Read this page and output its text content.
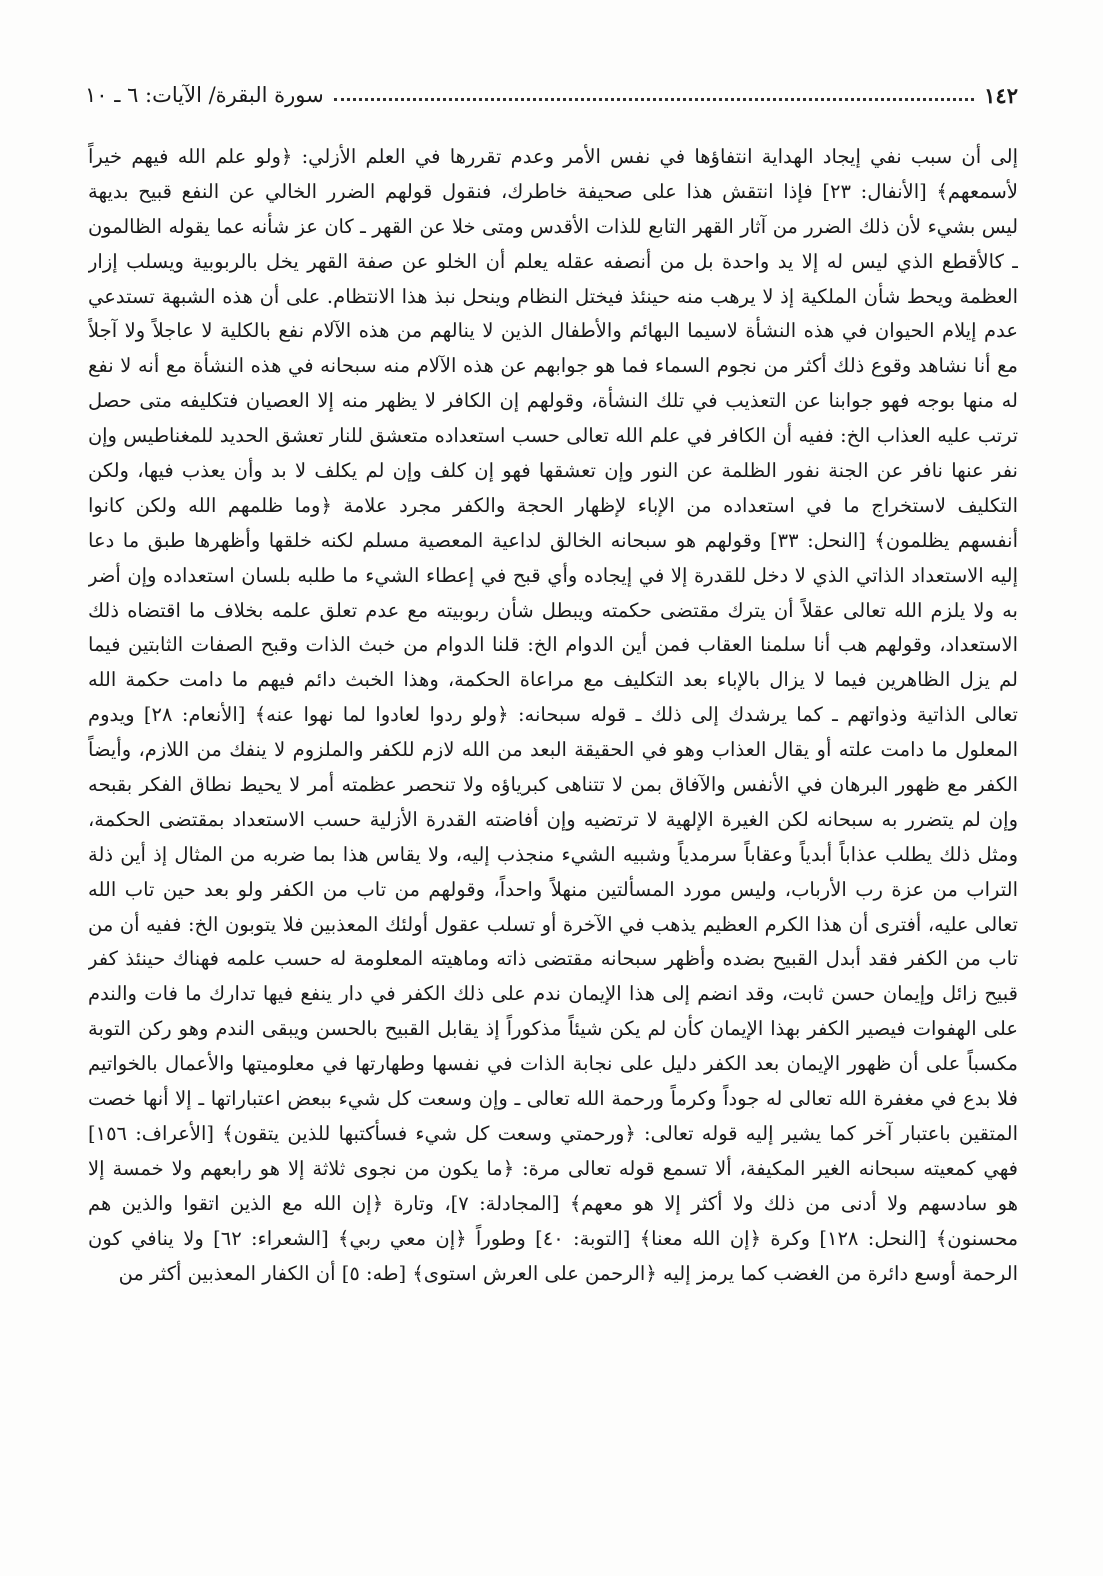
١٤٢
سورة البقرة/ الآيات: ٦ ـ ١٠
إلى أن سبب نفي إيجاد الهداية انتفاؤها في نفس الأمر وعدم تقررها في العلم الأزلي: ﴿ولو علم الله فيهم خيراً
لأسمعهم﴾ [الأنفال: ٢٣] فإذا انتقش هذا على صحيفة خاطرك، فنقول قولهم الضرر الخالي عن النفع قبيح بديهة
ليس بشيء لأن ذلك الضرر من آثار القهر التابع للذات الأقدس ومتى خلا عن القهر ـ كان عز شأنه عما يقوله الظالمون
ـ كالأقطع الذي ليس له إلا يد واحدة بل من أنصفه عقله يعلم أن الخلو عن صفة القهر يخل بالربوبية ويسلب إزار
العظمة ويحط شأن الملكية إذ لا يرهب منه حينئذ فيختل النظام وينحل نبذ هذا الانتظام. على أن هذه الشبهة تستدعي
عدم إيلام الحيوان في هذه النشأة لاسيما البهائم والأطفال الذين لا ينالهم من هذه الآلام نفع بالكلية لا عاجلاً ولا آجلاً
مع أنا نشاهد وقوع ذلك أكثر من نجوم السماء فما هو جوابهم عن هذه الآلام منه سبحانه في هذه النشأة مع أنه لا نفع
له منها بوجه فهو جوابنا عن التعذيب في تلك النشأة، وقولهم إن الكافر لا يظهر منه إلا العصيان فتكليفه متى حصل
ترتب عليه العذاب الخ: ففيه أن الكافر في علم الله تعالى حسب استعداده متعشق للنار تعشق الحديد للمغناطيس وإن
نفر عنها نافر عن الجنة نفور الظلمة عن النور وإن تعشقها فهو إن كلف وإن لم يكلف لا بد وأن يعذب فيها، ولكن
التكليف لاستخراج ما في استعداده من الإباء لإظهار الحجة والكفر مجرد علامة ﴿وما ظلمهم الله ولكن كانوا
أنفسهم يظلمون﴾ [النحل: ٣٣] وقولهم هو سبحانه الخالق لداعية المعصية مسلم لكنه خلقها وأظهرها طبق ما دعا
إليه الاستعداد الذاتي الذي لا دخل للقدرة إلا في إيجاده وأي قبح في إعطاء الشيء ما طلبه بلسان استعداده وإن أضر
به ولا يلزم الله تعالى عقلاً أن يترك مقتضى حكمته ويبطل شأن ربوبيته مع عدم تعلق علمه بخلاف ما اقتضاه ذلك
الاستعداد، وقولهم هب أنا سلمنا العقاب فمن أين الدوام الخ: قلنا الدوام من خبث الذات وقبح الصفات الثابتين فيما
لم يزل الظاهرين فيما لا يزال بالإباء بعد التكليف مع مراعاة الحكمة، وهذا الخبث دائم فيهم ما دامت حكمة الله
تعالى الذاتية وذواتهم ـ كما يرشدك إلى ذلك ـ قوله سبحانه: ﴿ولو ردوا لعادوا لما نهوا عنه﴾ [الأنعام: ٢٨] ويدوم
المعلول ما دامت علته أو يقال العذاب وهو في الحقيقة البعد من الله لازم للكفر والملزوم لا ينفك من اللازم، وأيضاً
الكفر مع ظهور البرهان في الأنفس والآفاق بمن لا تتناهى كبرياؤه ولا تنحصر عظمته أمر لا يحيط نطاق الفكر بقبحه
وإن لم يتضرر به سبحانه لكن الغيرة الإلهية لا ترتضيه وإن أفاضته القدرة الأزلية حسب الاستعداد بمقتضى الحكمة،
ومثل ذلك يطلب عذاباً أبدياً وعقاباً سرمدياً وشبيه الشيء منجذب إليه، ولا يقاس هذا بما ضربه من المثال إذ أين ذلة
التراب من عزة رب الأرباب، وليس مورد المسألتين منهلاً واحداً، وقولهم من تاب من الكفر ولو بعد حين تاب الله
تعالى عليه، أفترى أن هذا الكرم العظيم يذهب في الآخرة أو تسلب عقول أولئك المعذبين فلا يتوبون الخ: ففيه أن من
تاب من الكفر فقد أبدل القبيح بضده وأظهر سبحانه مقتضى ذاته وماهيته المعلومة له حسب علمه فهناك حينئذ كفر
قبيح زائل وإيمان حسن ثابت، وقد انضم إلى هذا الإيمان ندم على ذلك الكفر في دار ينفع فيها تدارك ما فات والندم
على الهفوات فيصير الكفر بهذا الإيمان كأن لم يكن شيئاً مذكوراً إذ يقابل القبيح بالحسن ويبقى الندم وهو ركن التوبة
مكسباً على أن ظهور الإيمان بعد الكفر دليل على نجابة الذات في نفسها وطهارتها في معلوميتها والأعمال بالخواتيم
فلا بدع في مغفرة الله تعالى له جوداً وكرماً ورحمة الله تعالى ـ وإن وسعت كل شيء ببعض اعتباراتها ـ إلا أنها خصت
المتقين باعتبار آخر كما يشير إليه قوله تعالى: ﴿ورحمتي وسعت كل شيء فسأكتبها للذين يتقون﴾ [الأعراف: ١٥٦]
فهي كمعيته سبحانه الغير المكيفة، ألا تسمع قوله تعالى مرة: ﴿ما يكون من نجوى ثلاثة إلا هو رابعهم ولا خمسة إلا
هو سادسهم ولا أدنى من ذلك ولا أكثر إلا هو معهم﴾ [المجادلة: ٧]، وتارة ﴿إن الله مع الذين اتقوا والذين هم
محسنون﴾ [النحل: ١٢٨] وكرة ﴿إن الله معنا﴾ [التوبة: ٤٠] وطوراً ﴿إن معي ربي﴾ [الشعراء: ٦٢] ولا ينافي كون
الرحمة أوسع دائرة من الغضب كما يرمز إليه ﴿الرحمن على العرش استوى﴾ [طه: ٥] أن الكفار المعذبين أكثر من
